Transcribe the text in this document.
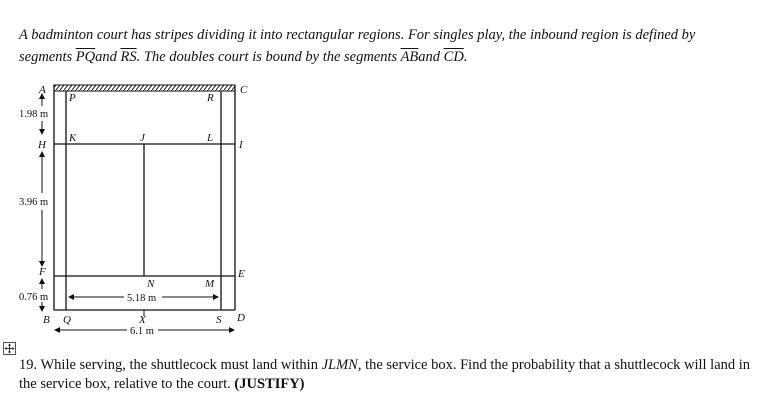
A badminton court has stripes dividing it into rectangular regions. For singles play, the inbound region is defined by segments $\overline{PQ}and$ $\overline{RS}$. The doubles court is bound by the segments $\overline{AB}and$ $\overline{CD}$.
1.98 m
3.96 m
0.76 m	5.18 m
6.1 m
A
P	R
C
K	J	L
H	I
F	E
N	M
B Q	X	S D
19. While serving, the shuttlecock must land within JLMN, the service box. Find the probability that a shuttlecock will land in the service box, relative to the court. (JUSTIFY)
